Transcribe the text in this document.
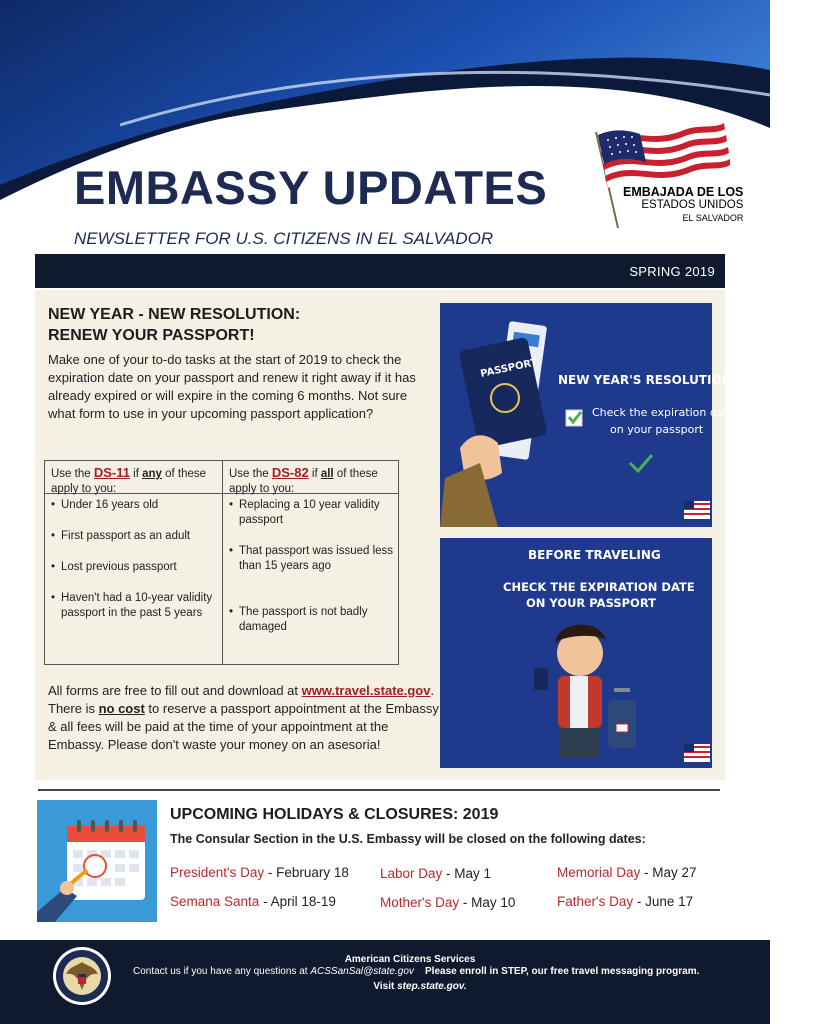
EMBASSY UPDATES
NEWSLETTER FOR U.S. CITIZENS IN EL SALVADOR
EMBAJADA DE LOS
ESTADOS UNIDOS
EL SALVADOR
SPRING 2019
NEW YEAR - NEW RESOLUTION:
RENEW YOUR PASSPORT!
Make one of your to-do tasks at the start of 2019 to check the expiration date on your passport and renew it right away if it has already expired or will expire in the coming 6 months. Not sure what form to use in your upcoming passport application?
Use the DS-11 if any of these apply to you:
• Under 16 years old
• First passport as an adult
• Lost previous passport
• Haven't had a 10-year validity passport in the past 5 years
Use the DS-82 if all of these apply to you:
• Replacing a 10 year validity passport
• That passport was issued less than 15 years ago
• The passport is not badly damaged
All forms are free to fill out and download at www.travel.state.gov. There is no cost to reserve a passport appointment at the Embassy & all fees will be paid at the time of your appointment at the Embassy. Please don't waste your money on an asesoria!
PASSPORT
NEW YEAR'S RESOLUTION
Check the expiration date
on your passport
BEFORE TRAVELING
CHECK THE EXPIRATION DATE
ON YOUR PASSPORT
UPCOMING HOLIDAYS & CLOSURES: 2019
The Consular Section in the U.S. Embassy will be closed on the following dates:
President's Day - February 18 Labor Day - May 1	Memorial Day - May 27
Semana Santa - April 18-19	Mother's Day - May 10	Father's Day - June 17
American Citizens Services
Contact us if you have any questions at ACSSanSal@state.gov Please enroll in STEP, our free travel messaging program.
Visit step.state.gov.
